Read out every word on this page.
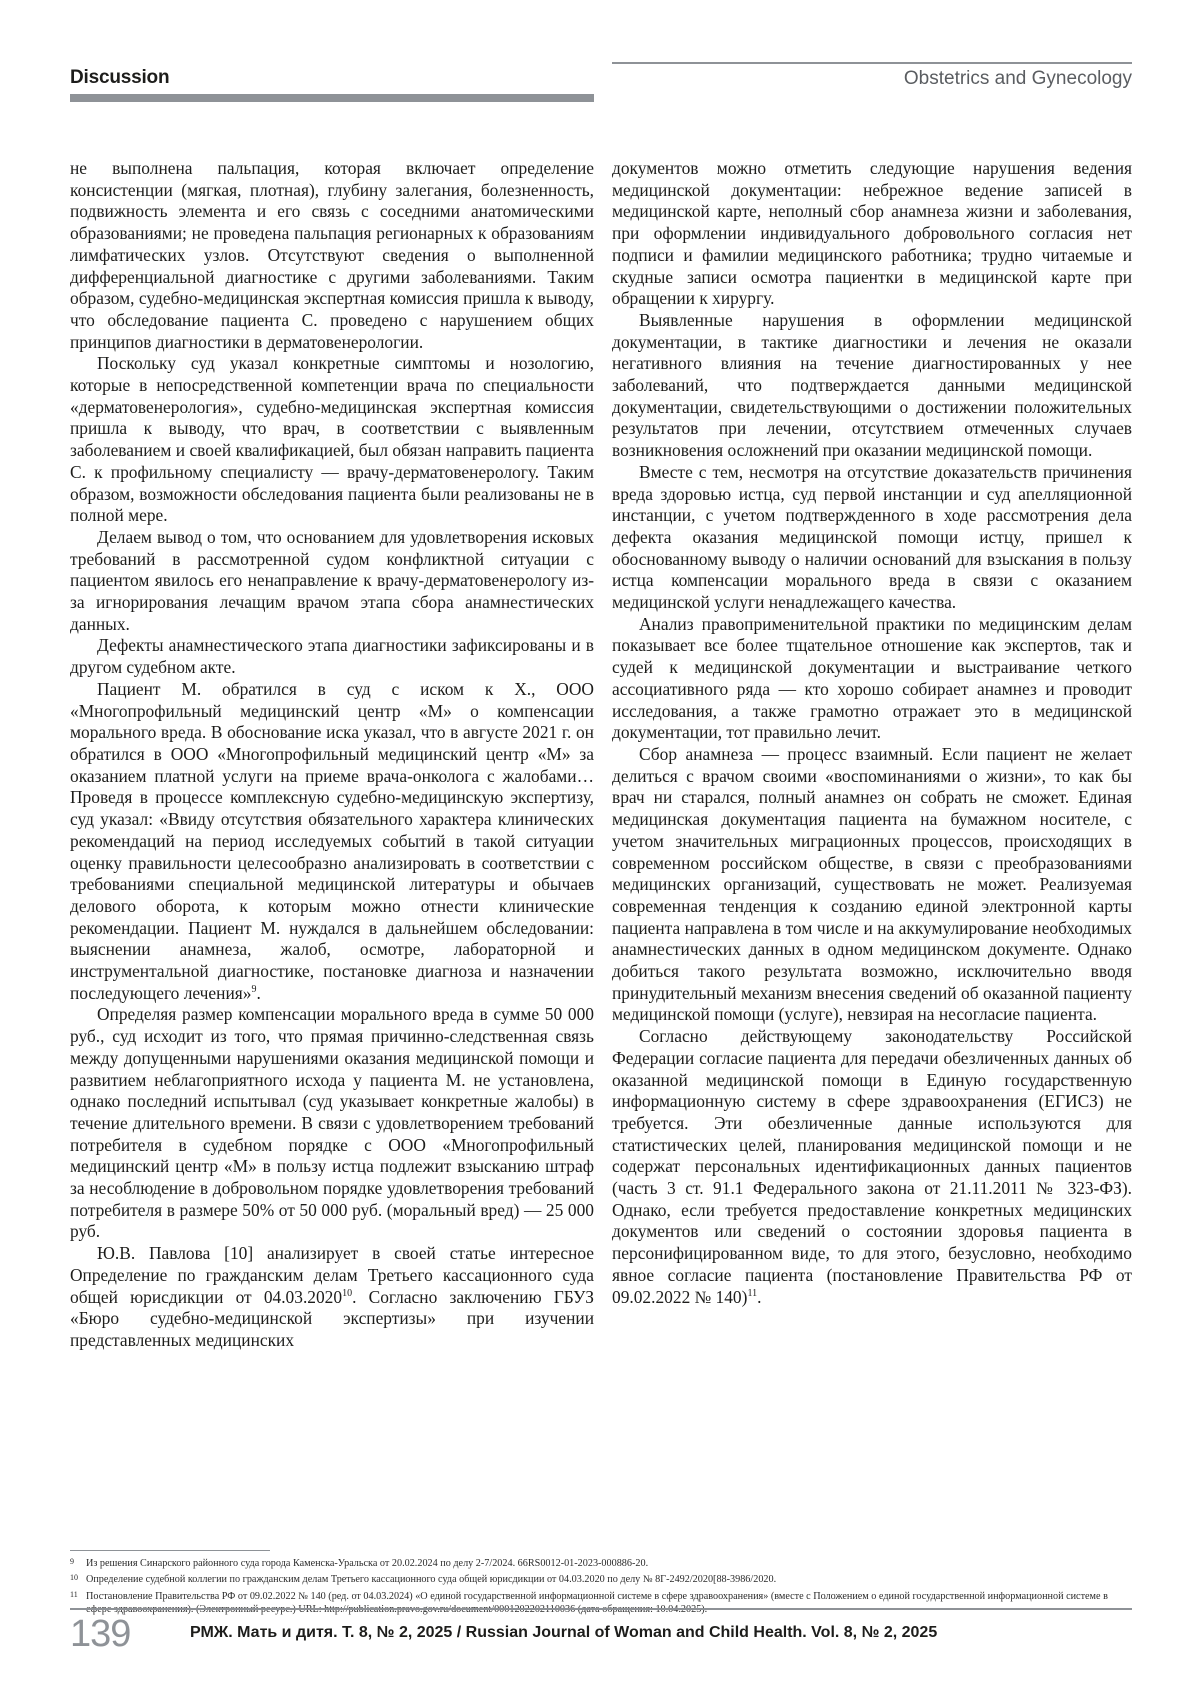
Discussion	Obstetrics and Gynecology

не выполнена пальпация, которая включает определение консистенции (мягкая, плотная), глубину залегания, болезненность, подвижность элемента и его связь с соседними анатомическими образованиями; не проведена пальпация регионарных к образованиям лимфатических узлов. Отсутствуют сведения о выполненной дифференциальной диагностике с другими заболеваниями. Таким образом, судебно-медицинская экспертная комиссия пришла к выводу, что обследование пациента С. проведено с нарушением общих принципов диагностики в дерматовенерологии.

Поскольку суд указал конкретные симптомы и нозологию, которые в непосредственной компетенции врача по специальности «дерматовенерология», судебно-медицинская экспертная комиссия пришла к выводу, что врач, в соответствии с выявленным заболеванием и своей квалификацией, был обязан направить пациента С. к профильному специалисту — врачу-дерматовенерологу. Таким образом, возможности обследования пациента были реализованы не в полной мере.

Делаем вывод о том, что основанием для удовлетворения исковых требований в рассмотренной судом конфликтной ситуации с пациентом явилось его ненаправление к врачу-дерматовенерологу из-за игнорирования лечащим врачом этапа сбора анамнестических данных.

Дефекты анамнестического этапа диагностики зафиксированы и в другом судебном акте.

Пациент М. обратился в суд с иском к Х., ООО «Многопрофильный медицинский центр «М» о компенсации морального вреда. В обоснование иска указал, что в августе 2021 г. он обратился в ООО «Многопрофильный медицинский центр «М» за оказанием платной услуги на приеме врача-онколога с жалобами… Проведя в процессе комплексную судебно-медицинскую экспертизу, суд указал: «Ввиду отсутствия обязательного характера клинических рекомендаций на период исследуемых событий в такой ситуации оценку правильности целесообразно анализировать в соответствии с требованиями специальной медицинской литературы и обычаев делового оборота, к которым можно отнести клинические рекомендации. Пациент М. нуждался в дальнейшем обследовании: выяснении анамнеза, жалоб, осмотре, лабораторной и инструментальной диагностике, постановке диагноза и назначении последующего лечения»$^9$.

Определяя размер компенсации морального вреда в сумме 50 000 руб., суд исходит из того, что прямая причинно-следственная связь между допущенными нарушениями оказания медицинской помощи и развитием неблагоприятного исхода у пациента М. не установлена, однако последний испытывал (суд указывает конкретные жалобы) в течение длительного времени. В связи с удовлетворением требований потребителя в судебном порядке с ООО «Многопрофильный медицинский центр «М» в пользу истца подлежит взысканию штраф за несоблюдение в добровольном порядке удовлетворения требований потребителя в размере 50% от 50 000 руб. (моральный вред) — 25 000 руб.

Ю.В. Павлова [10] анализирует в своей статье интересное Определение по гражданским делам Третьего кассационного суда общей юрисдикции от 04.03.2020$^{10}$. Согласно заключению ГБУЗ «Бюро судебно-медицинской экспертизы» при изучении представленных медицинских

документов можно отметить следующие нарушения ведения медицинской документации: небрежное ведение записей в медицинской карте, неполный сбор анамнеза жизни и заболевания, при оформлении индивидуального добровольного согласия нет подписи и фамилии медицинского работника; трудно читаемые и скудные записи осмотра пациентки в медицинской карте при обращении к хирургу.

Выявленные нарушения в оформлении медицинской документации, в тактике диагностики и лечения не оказали негативного влияния на течение диагностированных у нее заболеваний, что подтверждается данными медицинской документации, свидетельствующими о достижении положительных результатов при лечении, отсутствием отмеченных случаев возникновения осложнений при оказании медицинской помощи.

Вместе с тем, несмотря на отсутствие доказательств причинения вреда здоровью истца, суд первой инстанции и суд апелляционной инстанции, с учетом подтвержденного в ходе рассмотрения дела дефекта оказания медицинской помощи истцу, пришел к обоснованному выводу о наличии оснований для взыскания в пользу истца компенсации морального вреда в связи с оказанием медицинской услуги ненадлежащего качества.

Анализ правоприменительной практики по медицинским делам показывает все более тщательное отношение как экспертов, так и судей к медицинской документации и выстраивание четкого ассоциативного ряда — кто хорошо собирает анамнез и проводит исследования, а также грамотно отражает это в медицинской документации, тот правильно лечит.

Сбор анамнеза — процесс взаимный. Если пациент не желает делиться с врачом своими «воспоминаниями о жизни», то как бы врач ни старался, полный анамнез он собрать не сможет. Единая медицинская документация пациента на бумажном носителе, с учетом значительных миграционных процессов, происходящих в современном российском обществе, в связи с преобразованиями медицинских организаций, существовать не может. Реализуемая современная тенденция к созданию единой электронной карты пациента направлена в том числе и на аккумулирование необходимых анамнестических данных в одном медицинском документе. Однако добиться такого результата возможно, исключительно вводя принудительный механизм внесения сведений об оказанной пациенту медицинской помощи (услуге), невзирая на несогласие пациента.

Согласно действующему законодательству Российской Федерации согласие пациента для передачи обезличенных данных об оказанной медицинской помощи в Единую государственную информационную систему в сфере здравоохранения (ЕГИСЗ) не требуется. Эти обезличенные данные используются для статистических целей, планирования медицинской помощи и не содержат персональных идентификационных данных пациентов (часть 3 ст. 91.1 Федерального закона от 21.11.2011 № 323-ФЗ). Однако, если требуется предоставление конкретных медицинских документов или сведений о состоянии здоровья пациента в персонифицированном виде, то для этого, безусловно, необходимо явное согласие пациента (постановление Правительства РФ от 09.02.2022 № 140)$^{11}$.

9 Из решения Синарского районного суда города Каменска-Уральска от 20.02.2024 по делу 2-7/2024. 66RS0012-01-2023-000886-20.
10 Определение судебной коллегии по гражданским делам Третьего кассационного суда общей юрисдикции от 04.03.2020 по делу № 8Г-2492/2020[88-3986/2020.
11 Постановление Правительства РФ от 09.02.2022 № 140 (ред. от 04.03.2024) «О единой государственной информационной системе в сфере здравоохранения» (вместе с Положением о единой государственной информационной системе в
139	РМЖ. Мать и дитя. Т. 8, № 2, 2025 / Russian Journal of Woman and Child Health. Vol. 8, № 2, 2025
